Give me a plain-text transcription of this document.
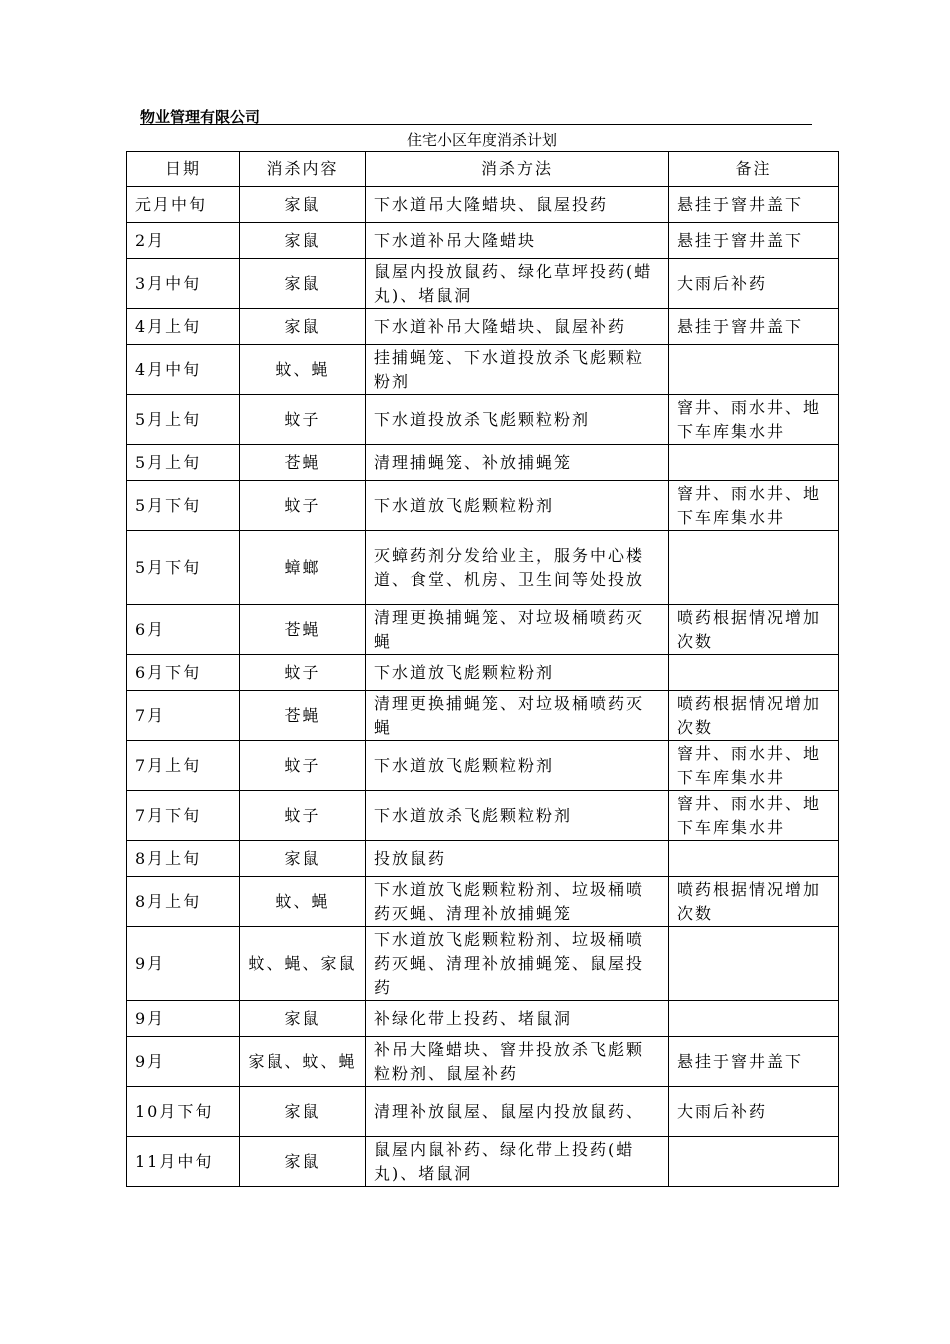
物业管理有限公司
住宅小区年度消杀计划
日期	消杀内容	消杀方法	备注
元月中旬	家鼠	下水道吊大隆蜡块、鼠屋投药	悬挂于窨井盖下
2月	家鼠	下水道补吊大隆蜡块	悬挂于窨井盖下
3月中旬	家鼠	鼠屋内投放鼠药、绿化草坪投药(蜡丸)、堵鼠洞	大雨后补药
4月上旬	家鼠	下水道补吊大隆蜡块、鼠屋补药	悬挂于窨井盖下
4月中旬	蚊、蝇	挂捕蝇笼、下水道投放杀飞彪颗粒粉剂	
5月上旬	蚊子	下水道投放杀飞彪颗粒粉剂	窨井、雨水井、地下车库集水井
5月上旬	苍蝇	清理捕蝇笼、补放捕蝇笼	
5月下旬	蚊子	下水道放飞彪颗粒粉剂	窨井、雨水井、地下车库集水井
5月下旬	蟑螂	灭蟑药剂分发给业主，服务中心楼道、食堂、机房、卫生间等处投放	
6月	苍蝇	清理更换捕蝇笼、对垃圾桶喷药灭蝇	喷药根据情况增加次数
6月下旬	蚊子	下水道放飞彪颗粒粉剂	
7月	苍蝇	清理更换捕蝇笼、对垃圾桶喷药灭蝇	喷药根据情况增加次数
7月上旬	蚊子	下水道放飞彪颗粒粉剂	窨井、雨水井、地下车库集水井
7月下旬	蚊子	下水道放杀飞彪颗粒粉剂	窨井、雨水井、地下车库集水井
8月上旬	家鼠	投放鼠药	
8月上旬	蚊、蝇	下水道放飞彪颗粒粉剂、垃圾桶喷药灭蝇、清理补放捕蝇笼	喷药根据情况增加次数
9月	蚊、蝇、家鼠	下水道放飞彪颗粒粉剂、垃圾桶喷药灭蝇、清理补放捕蝇笼、鼠屋投药	
9月	家鼠	补绿化带上投药、堵鼠洞	
9月	家鼠、蚊、蝇	补吊大隆蜡块、窨井投放杀飞彪颗粒粉剂、鼠屋补药	悬挂于窨井盖下
10月下旬	家鼠	清理补放鼠屋、鼠屋内投放鼠药、	大雨后补药
11月中旬	家鼠	鼠屋内鼠补药、绿化带上投药(蜡丸)、堵鼠洞	
